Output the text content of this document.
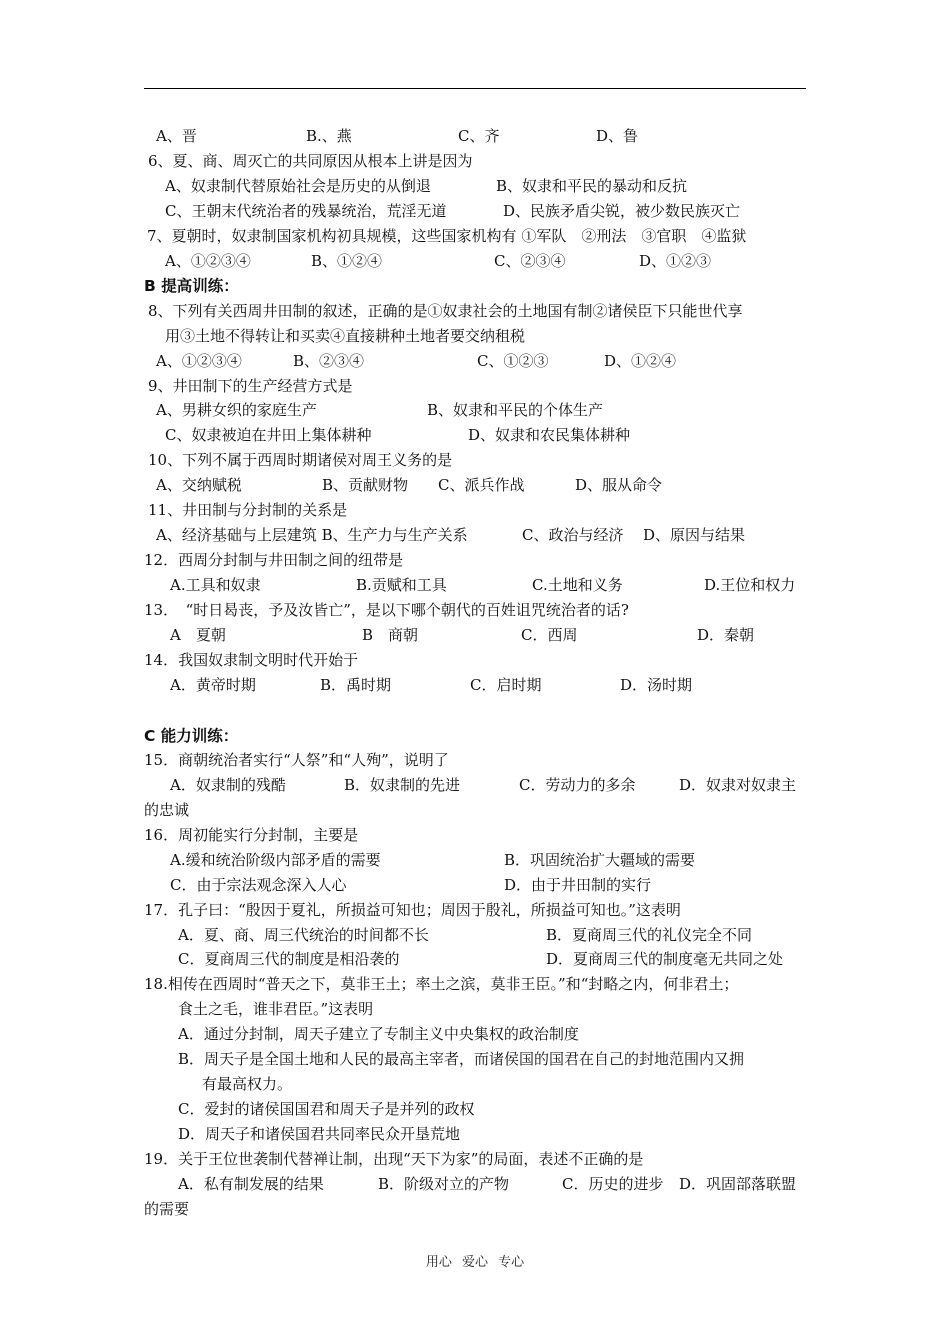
A、晋	B.、燕	C、齐	D、鲁
6、夏、商、周灭亡的共同原因从根本上讲是因为
A、奴隶制代替原始社会是历史的从倒退	B、奴隶和平民的暴动和反抗
C、王朝末代统治者的残暴统治，荒淫无道	D、民族矛盾尖锐，被少数民族灭亡
7、夏朝时，奴隶制国家机构初具规模，这些国家机构有 ①军队　②刑法　③官职　④监狱
A、①②③④	B、①②④	C、②③④	D、①②③
B 提高训练：
8、下列有关西周井田制的叙述，正确的是①奴隶社会的土地国有制②诸侯臣下只能世代享
用③土地不得转让和买卖④直接耕种土地者要交纳租税
A、①②③④	B、②③④	C、①②③	D、①②④
9、井田制下的生产经营方式是
A、男耕女织的家庭生产	B、奴隶和平民的个体生产
C、奴隶被迫在井田上集体耕种	D、奴隶和农民集体耕种
10、下列不属于西周时期诸侯对周王义务的是
A、交纳赋税	B、贡献财物 C、派兵作战	D、服从命令
11、井田制与分封制的关系是
A、经济基础与上层建筑 B、生产力与生产关系	C、政治与经济 D、原因与结果
12．西周分封制与井田制之间的纽带是
A.工具和奴隶	B.贡赋和工具	C.土地和义务	D.王位和权力
13．　“时日曷丧，予及汝皆亡”，是以下哪个朝代的百姓诅咒统治者的话?
A　夏朝	B　商朝	C．西周	D．秦朝
14．我国奴隶制文明时代开始于
A．黄帝时期	B．禹时期	C．启时期	D．汤时期
C 能力训练：
15．商朝统治者实行“人祭”和“人殉”，说明了
A．奴隶制的残酷	B．奴隶制的先进	C．劳动力的多余	D．奴隶对奴隶主
的忠诚
16．周初能实行分封制，主要是
A.缓和统治阶级内部矛盾的需要	B．巩固统治扩大疆域的需要
C．由于宗法观念深入人心	D．由于井田制的实行
17．孔子曰：“殷因于夏礼，所损益可知也；周因于殷礼，所损益可知也。”这表明
A．夏、商、周三代统治的时间都不长	B．夏商周三代的礼仪完全不同
C．夏商周三代的制度是相沿袭的	D．夏商周三代的制度毫无共同之处
18.相传在西周时“普天之下，莫非王土；率土之滨，莫非王臣。”和“封略之内，何非君土；
食土之毛，谁非君臣。”这表明
A．通过分封制，周天子建立了专制主义中央集权的政治制度
B．周天子是全国土地和人民的最高主宰者，而诸侯国的国君在自己的封地范围内又拥
有最高权力。
C．爱封的诸侯国国君和周天子是并列的政权
D．周天子和诸侯国君共同率民众开垦荒地
19．关于王位世袭制代替禅让制，出现“天下为家”的局面，表述不正确的是
A．私有制发展的结果	B．阶级对立的产物	C．历史的进步 D．巩固部落联盟
的需要
用心 爱心 专心
